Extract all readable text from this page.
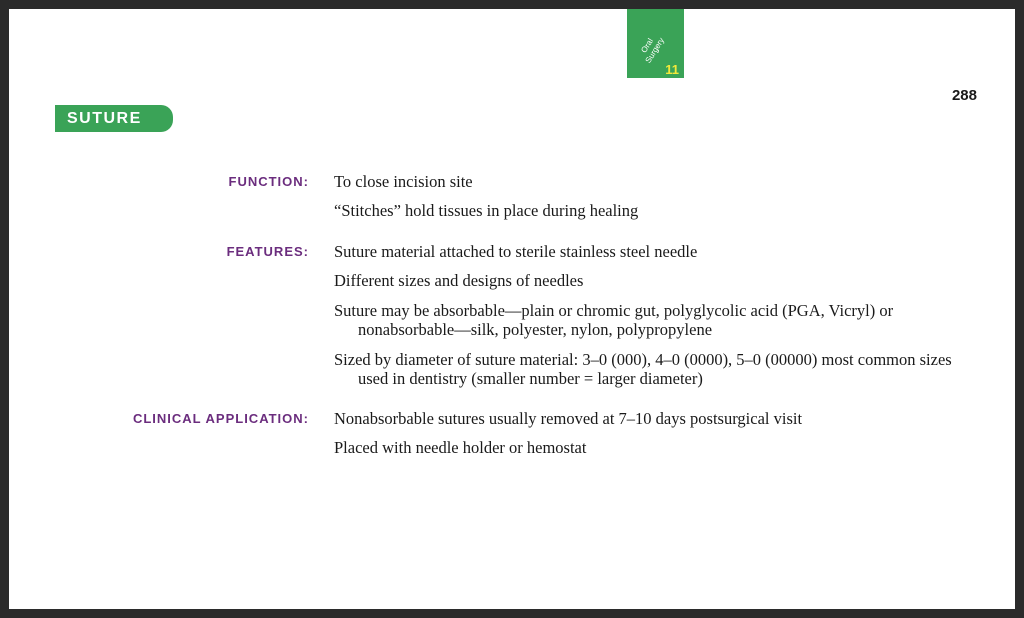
Oral Surgery
11
288
SUTURE
FUNCTION: To close incision site
“Stitches” hold tissues in place during healing
FEATURES: Suture material attached to sterile stainless steel needle
Different sizes and designs of needles
Suture may be absorbable—plain or chromic gut, polyglycolic acid (PGA, Vicryl) or nonabsorbable—silk, polyester, nylon, polypropylene
Sized by diameter of suture material: 3–0 (000), 4–0 (0000), 5–0 (00000) most common sizes used in dentistry (smaller number = larger diameter)
CLINICAL APPLICATION: Nonabsorbable sutures usually removed at 7–10 days postsurgical visit
Placed with needle holder or hemostat
